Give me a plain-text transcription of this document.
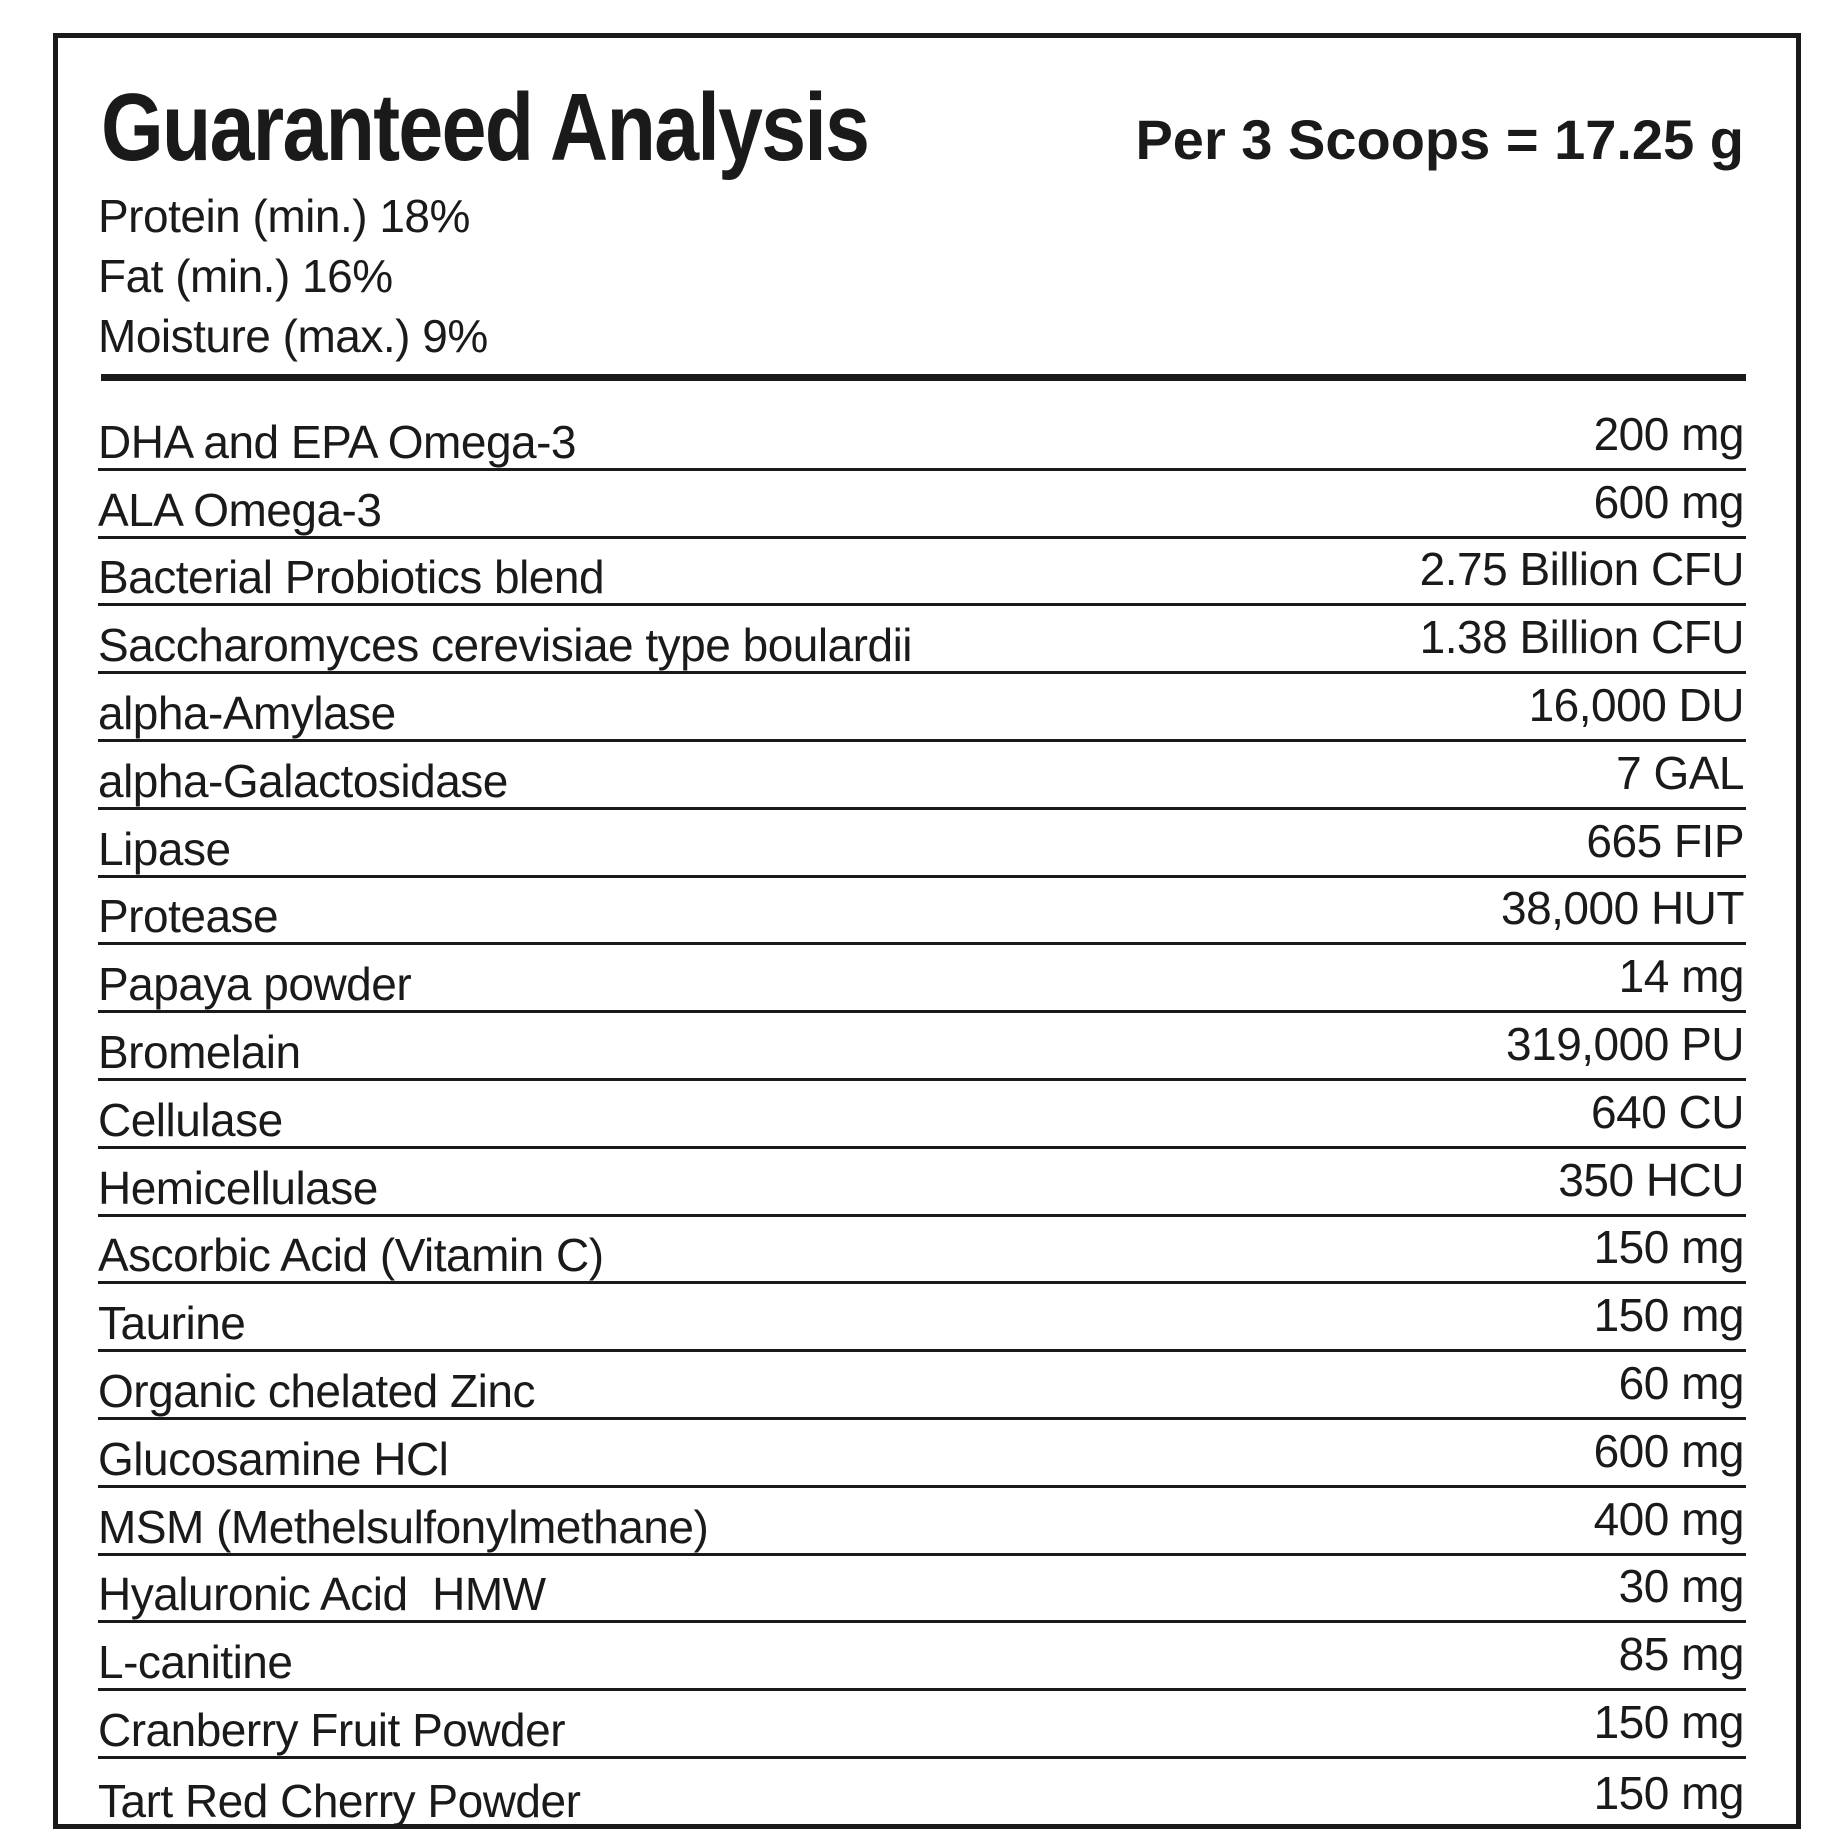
Guaranteed Analysis	Per 3 Scoops = 17.25 g
Protein (min.) 18%
Fat (min.) 16%
Moisture (max.) 9%
DHA and EPA Omega-3	200 mg
ALA Omega-3	600 mg
Bacterial Probiotics blend	2.75 Billion CFU
Saccharomyces cerevisiae type boulardii	1.38 Billion CFU
alpha-Amylase	16,000 DU
alpha-Galactosidase	7 GAL
Lipase	665 FIP
Protease	38,000 HUT
Papaya powder	14 mg
Bromelain	319,000 PU
Cellulase	640 CU
Hemicellulase	350 HCU
Ascorbic Acid (Vitamin C)	150 mg
Taurine	150 mg
Organic chelated Zinc	60 mg
Glucosamine HCl	600 mg
MSM (Methelsulfonylmethane)	400 mg
Hyaluronic Acid  HMW	30 mg
L-canitine	85 mg
Cranberry Fruit Powder	150 mg
Tart Red Cherry Powder	150 mg
